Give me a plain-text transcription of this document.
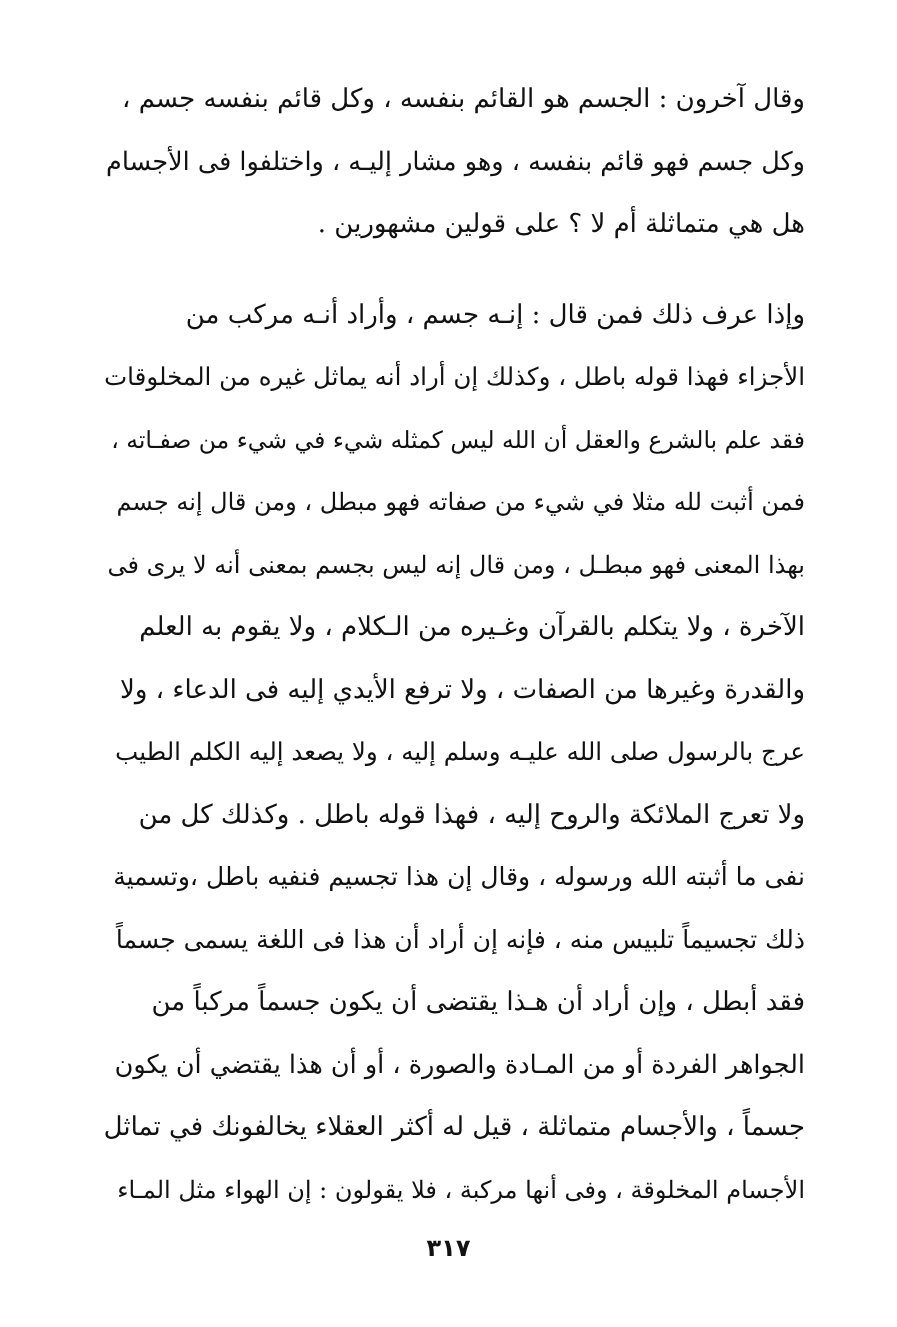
وقال آخرون : الجسم هو القائم بنفسه ، وكل قائم بنفسه جسم ،
وكل جسم فهو قائم بنفسه ، وهو مشار إليـه ، واختلفوا فى الأجسام
هل هي متماثلة أم لا ؟ على قولين مشهورين .

وإذا عرف ذلك فمن قال : إنـه جسم ، وأراد أنـه مركب من
الأجزاء فهذا قوله باطل ، وكذلك إن أراد أنه يماثل غيره من المخلوقات
فقد علم بالشرع والعقل أن الله ليس كمثله شيء في شيء من صفـاته ،
فمن أثبت لله مثلا في شيء من صفاته فهو مبطل ، ومن قال إنه جسم
بهذا المعنى فهو مبطـل ، ومن قال إنه ليس بجسم بمعنى أنه لا يرى فى
الآخرة ، ولا يتكلم بالقرآن وغـيره من الـكلام ، ولا يقوم به العلم
والقدرة وغيرها من الصفات ، ولا ترفع الأيدي إليه فى الدعاء ، ولا
عرج بالرسول صلى الله عليـه وسلم إليه ، ولا يصعد إليه الكلم الطيب
ولا تعرج الملائكة والروح إليه ، فهذا قوله باطل . وكذلك كل من
نفى ما أثبته الله ورسوله ، وقال إن هذا تجسيم فنفيه باطل ،وتسمية
ذلك تجسيماً تلبيس منه ، فإنه إن أراد أن هذا فى اللغة يسمى جسماً
فقد أبطل ، وإن أراد أن هـذا يقتضى أن يكون جسماً مركباً من
الجواهر الفردة أو من المـادة والصورة ، أو أن هذا يقتضي أن يكون
جسماً ، والأجسام متماثلة ، قيل له أكثر العقلاء يخالفونك في تماثل
الأجسام المخلوقة ، وفى أنها مركبة ، فلا يقولون : إن الهواء مثل المـاء

٣١٧
